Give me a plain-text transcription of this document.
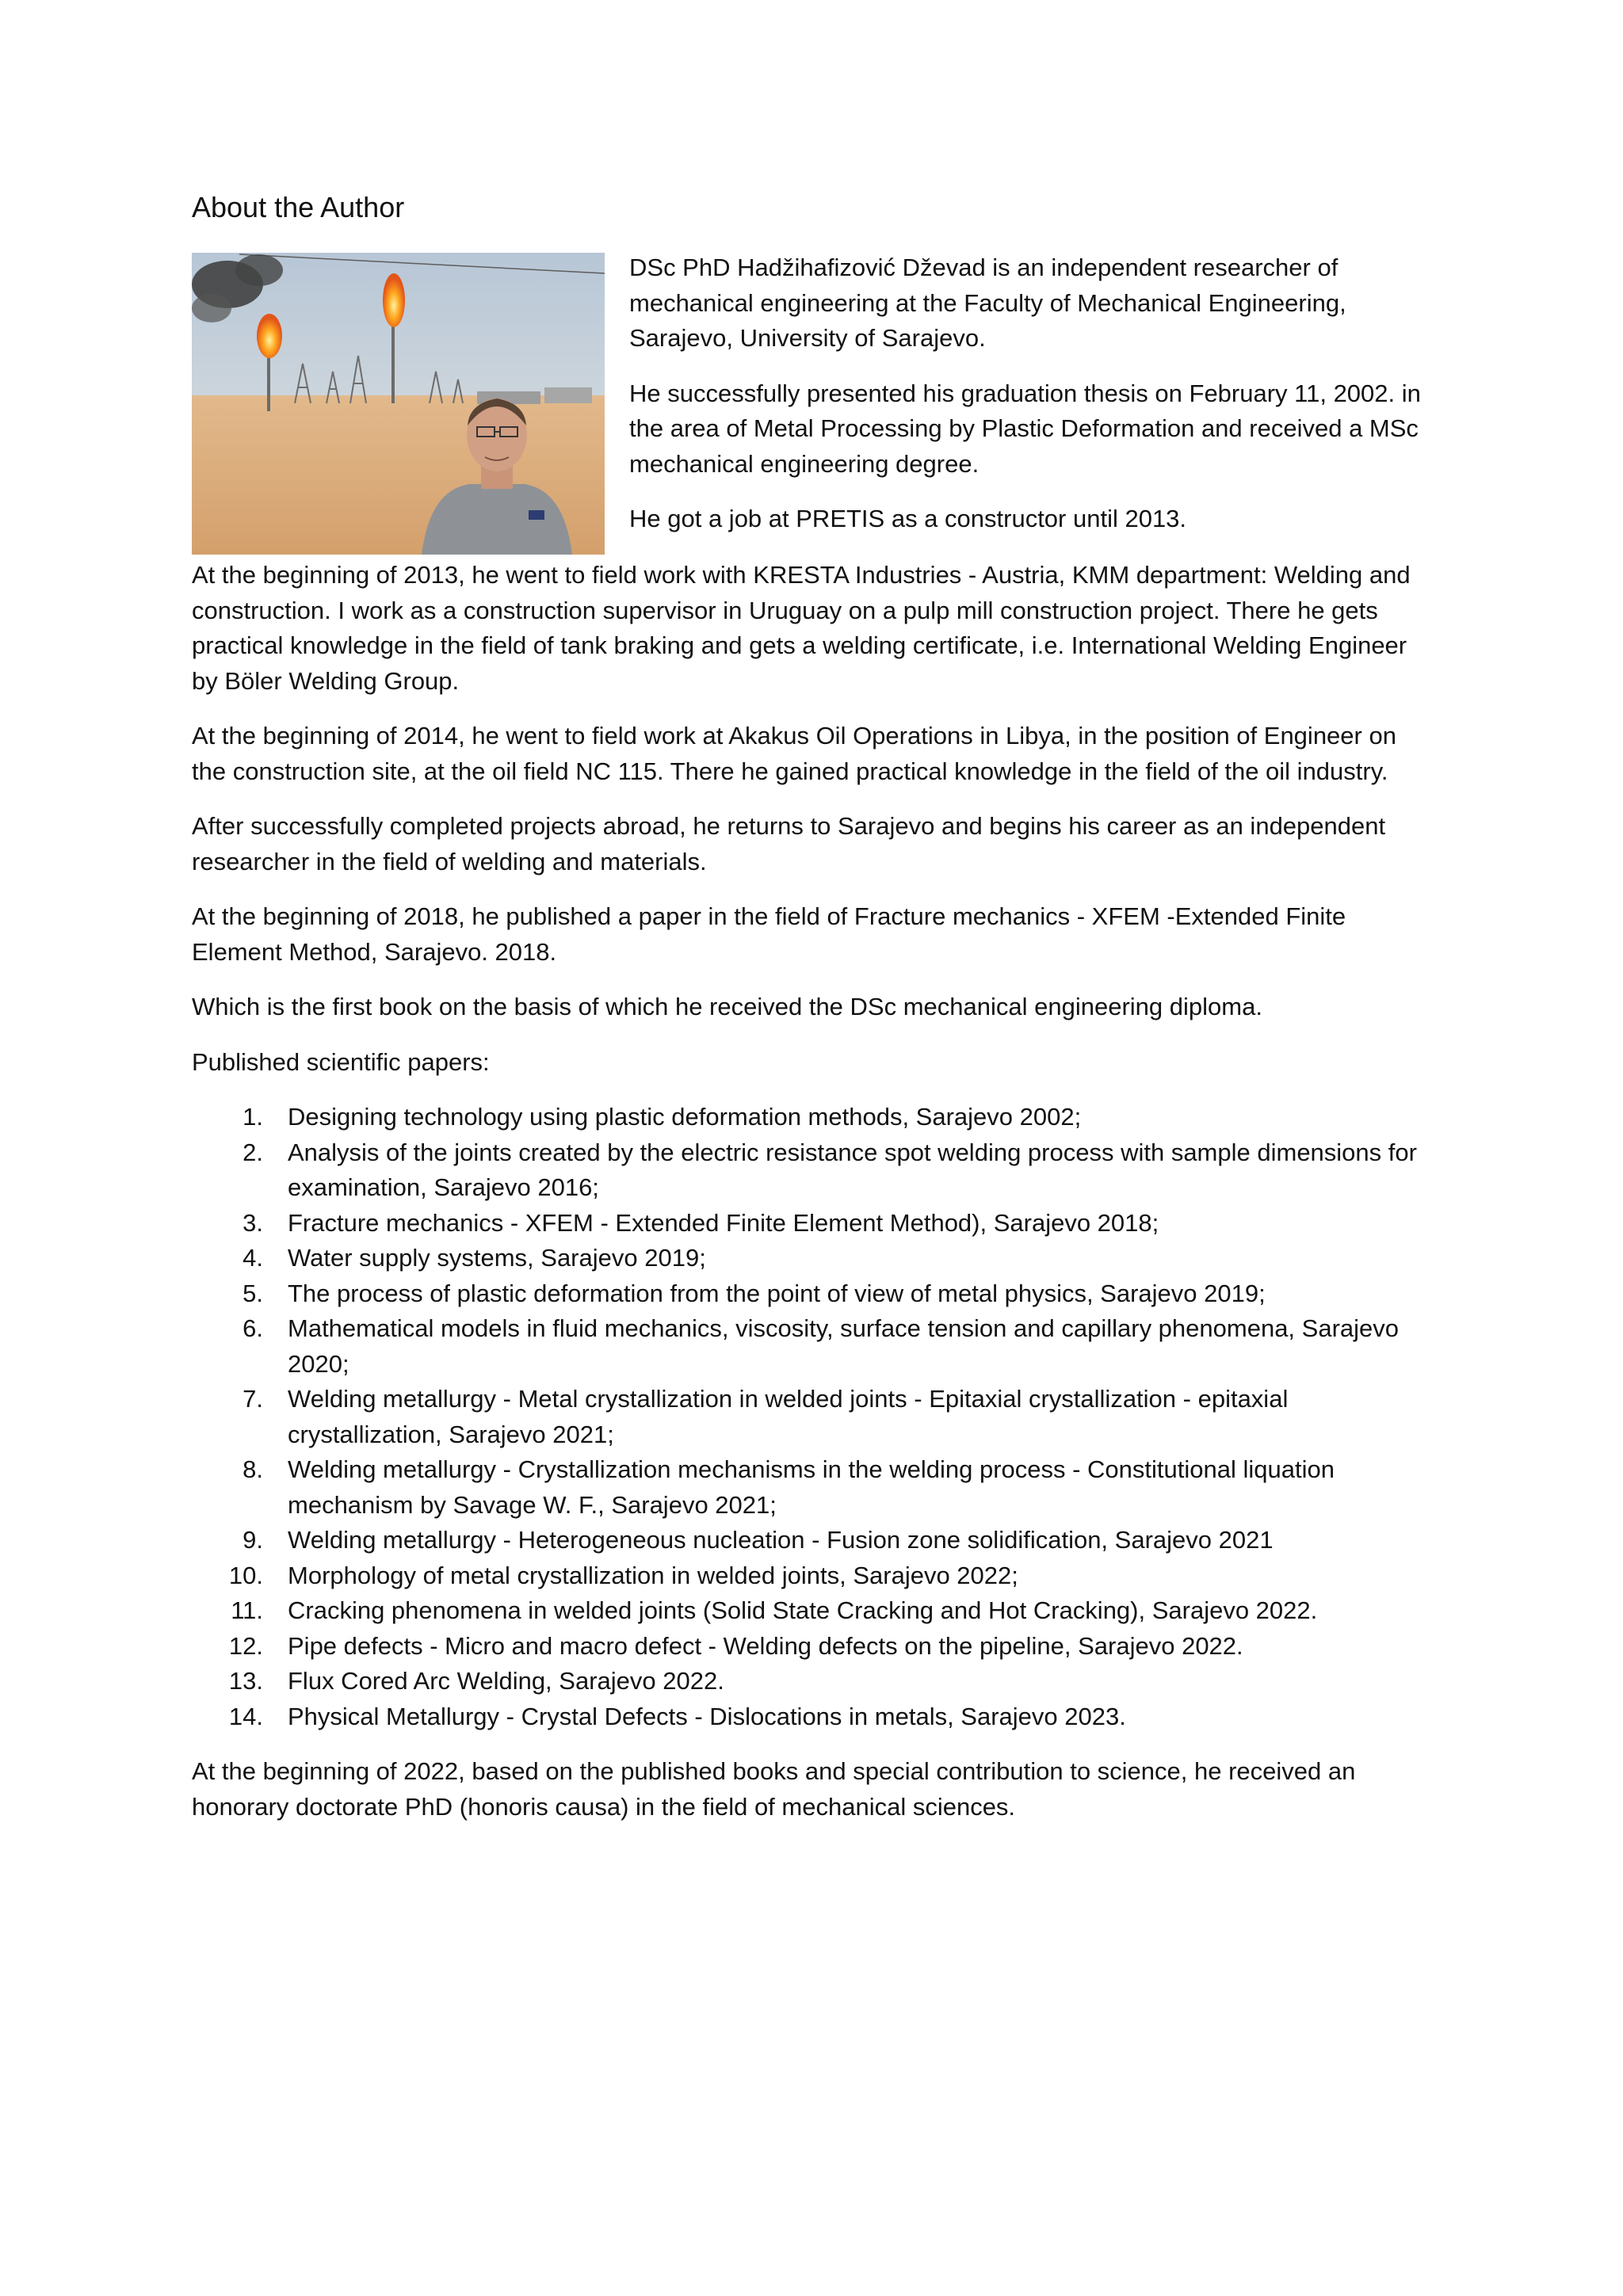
About the Author

DSc PhD Hadžihafizović Dževad is an independent researcher of mechanical engineering at the Faculty of Mechanical Engineering, Sarajevo, University of Sarajevo.

He successfully presented his graduation thesis on February 11, 2002. in the area of Metal Processing by Plastic Deformation and received a MSc mechanical engineering degree.

He got a job at PRETIS as a constructor until 2013.

At the beginning of 2013, he went to field work with KRESTA Industries - Austria, KMM department: Welding and construction. I work as a construction supervisor in Uruguay on a pulp mill construction project. There he gets practical knowledge in the field of tank braking and gets a welding certificate, i.e. International Welding Engineer by Böler Welding Group.

At the beginning of 2014, he went to field work at Akakus Oil Operations in Libya, in the position of Engineer on the construction site, at the oil field NC 115. There he gained practical knowledge in the field of the oil industry.

After successfully completed projects abroad, he returns to Sarajevo and begins his career as an independent researcher in the field of welding and materials.

At the beginning of 2018, he published a paper in the field of Fracture mechanics - XFEM -Extended Finite Element Method, Sarajevo. 2018.

Which is the first book on the basis of which he received the DSc mechanical engineering diploma.

Published scientific papers:

1. Designing technology using plastic deformation methods, Sarajevo 2002;
2. Analysis of the joints created by the electric resistance spot welding process with sample dimensions for examination, Sarajevo 2016;
3. Fracture mechanics - XFEM - Extended Finite Element Method), Sarajevo 2018;
4. Water supply systems, Sarajevo 2019;
5. The process of plastic deformation from the point of view of metal physics, Sarajevo 2019;
6. Mathematical models in fluid mechanics, viscosity, surface tension and capillary phenomena, Sarajevo 2020;
7. Welding metallurgy - Metal crystallization in welded joints - Epitaxial crystallization - epitaxial crystallization, Sarajevo 2021;
8. Welding metallurgy - Crystallization mechanisms in the welding process - Constitutional liquation mechanism by Savage W. F., Sarajevo 2021;
9. Welding metallurgy - Heterogeneous nucleation - Fusion zone solidification, Sarajevo 2021
10. Morphology of metal crystallization in welded joints, Sarajevo 2022;
11. Cracking phenomena in welded joints (Solid State Cracking and Hot Cracking), Sarajevo 2022.
12. Pipe defects - Micro and macro defect - Welding defects on the pipeline, Sarajevo 2022.
13. Flux Cored Arc Welding, Sarajevo 2022.
14. Physical Metallurgy - Crystal Defects - Dislocations in metals, Sarajevo 2023.

At the beginning of 2022, based on the published books and special contribution to science, he received an honorary doctorate PhD (honoris causa) in the field of mechanical sciences.
